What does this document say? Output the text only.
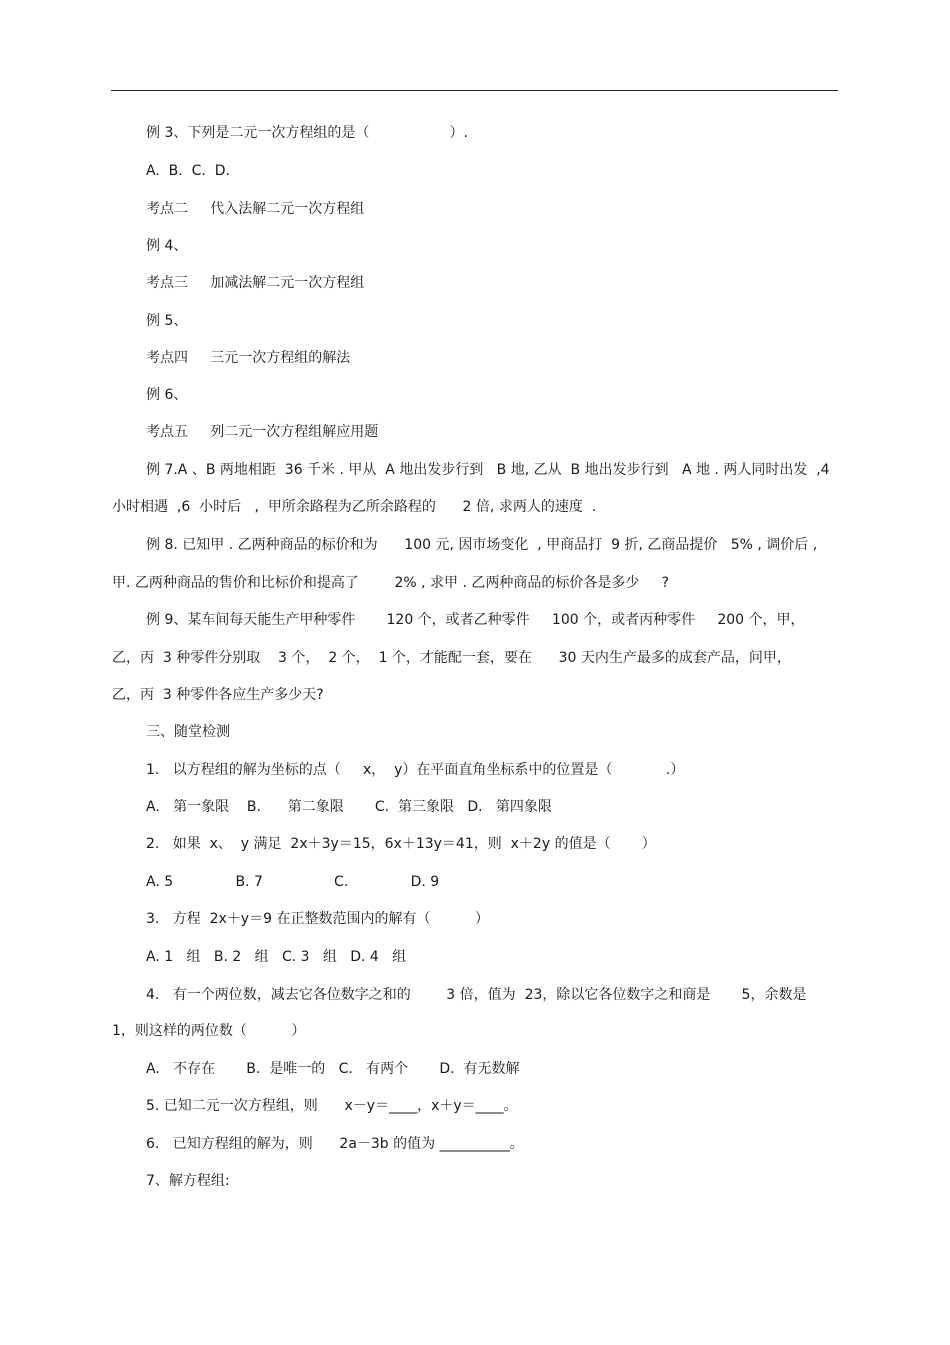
例 3、下列是二元一次方程组的是（                  ）.
A.  B.  C.  D.
考点二     代入法解二元一次方程组
例 4、
考点三     加减法解二元一次方程组
例 5、
考点四     三元一次方程组的解法
例 6、
考点五     列二元一次方程组解应用题
例 7.A 、B 两地相距  36 千米 . 甲从  A 地出发步行到   B 地, 乙从  B 地出发步行到   A 地 . 两人同时出发  ,4
小时相遇  ,6  小时后   ,  甲所余路程为乙所余路程的      2 倍, 求两人的速度  .
例 8. 已知甲 . 乙两种商品的标价和为      100 元, 因市场变化  , 甲商品打  9 折, 乙商品提价   5% , 调价后 ,
甲. 乙两种商品的售价和比标价和提高了        2% , 求甲 . 乙两种商品的标价各是多少     ?
例 9、某车间每天能生产甲种零件       120 个，或者乙种零件     100 个，或者丙种零件     200 个，甲，
乙，丙  3 种零件分别取    3 个，  2 个，  1 个，才能配一套，要在      30 天内生产最多的成套产品，问甲，
乙，丙  3 种零件各应生产多少天?
三、随堂检测
1.   以方程组的解为坐标的点（     x，  y）在平面直角坐标系中的位置是（            .）
A.   第一象限    B.      第二象限       C.  第三象限   D.   第四象限
2.   如果  x、  y 满足  2x＋3y＝15，6x＋13y＝41，则  x＋2y 的值是（       ）
A. 5              B. 7                C.              D. 9
3.   方程  2x＋y＝9 在正整数范围内的解有（          ）
A. 1   组   B. 2   组   C. 3   组   D. 4   组
4.   有一个两位数，减去它各位数字之和的        3 倍，值为  23，除以它各位数字之和商是       5，余数是
1，则这样的两位数（          ）
A.   不存在       B.  是唯一的   C.   有两个       D.  有无数解
5. 已知二元一次方程组，则      x－y＝____，x＋y＝____。
6.   已知方程组的解为，则      2a－3b 的值为 __________。
7、解方程组:
